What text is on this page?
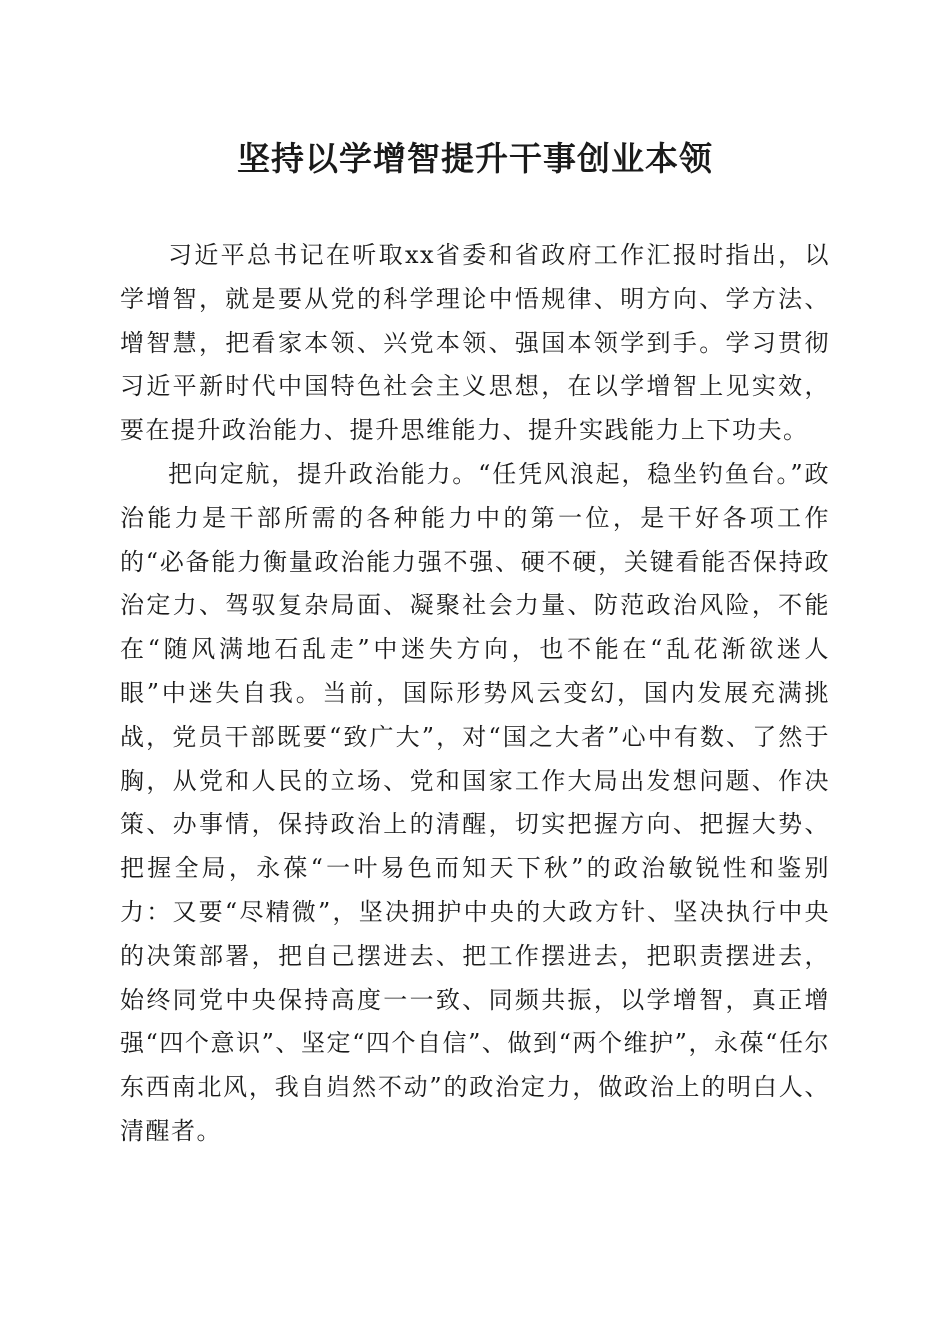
坚持以学增智提升干事创业本领

习近平总书记在听取xx省委和省政府工作汇报时指出，以学增智，就是要从党的科学理论中悟规律、明方向、学方法、增智慧，把看家本领、兴党本领、强国本领学到手。学习贯彻习近平新时代中国特色社会主义思想，在以学增智上见实效，要在提升政治能力、提升思维能力、提升实践能力上下功夫。

把向定航，提升政治能力。“任凭风浪起，稳坐钓鱼台。”政治能力是干部所需的各种能力中的第一位，是干好各项工作的“必备能力衡量政治能力强不强、硬不硬，关键看能否保持政治定力、驾驭复杂局面、凝聚社会力量、防范政治风险，不能在“随风满地石乱走”中迷失方向，也不能在“乱花渐欲迷人眼”中迷失自我。当前，国际形势风云变幻，国内发展充满挑战，党员干部既要“致广大”，对“国之大者”心中有数、了然于胸，从党和人民的立场、党和国家工作大局出发想问题、作决策、办事情，保持政治上的清醒，切实把握方向、把握大势、把握全局，永葆“一叶易色而知天下秋”的政治敏锐性和鉴别力：又要“尽精微”，坚决拥护中央的大政方针、坚决执行中央的决策部署，把自己摆进去、把工作摆进去，把职责摆进去，始终同党中央保持高度一一致、同频共振，以学增智，真正增强“四个意识”、坚定“四个自信”、做到“两个维护”，永葆“任尔东西南北风，我自岿然不动”的政治定力，做政治上的明白人、清醒者。
